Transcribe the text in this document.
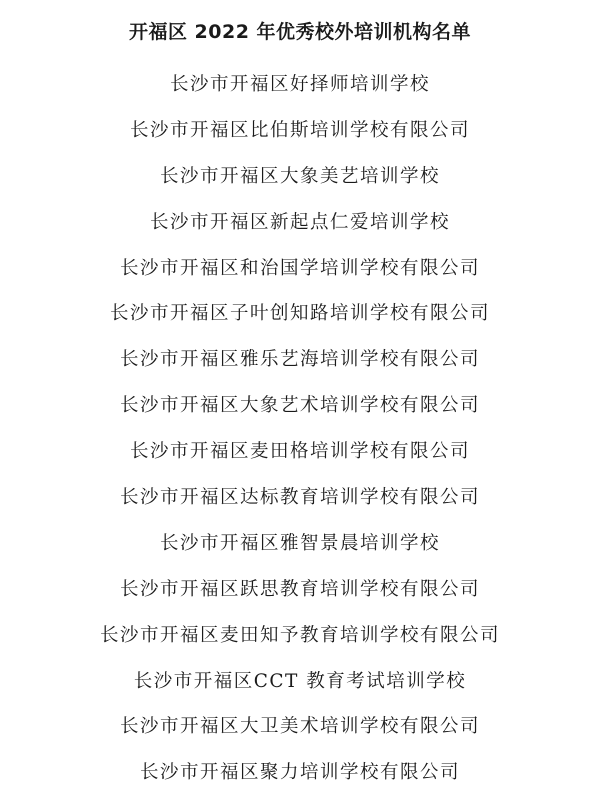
开福区 2022 年优秀校外培训机构名单
长沙市开福区好择师培训学校
长沙市开福区比伯斯培训学校有限公司
长沙市开福区大象美艺培训学校
长沙市开福区新起点仁爱培训学校
长沙市开福区和治国学培训学校有限公司
长沙市开福区子叶创知路培训学校有限公司
长沙市开福区雅乐艺海培训学校有限公司
长沙市开福区大象艺术培训学校有限公司
长沙市开福区麦田格培训学校有限公司
长沙市开福区达标教育培训学校有限公司
长沙市开福区雅智景晨培训学校
长沙市开福区跃思教育培训学校有限公司
长沙市开福区麦田知予教育培训学校有限公司
长沙市开福区CCT 教育考试培训学校
长沙市开福区大卫美术培训学校有限公司
长沙市开福区聚力培训学校有限公司
